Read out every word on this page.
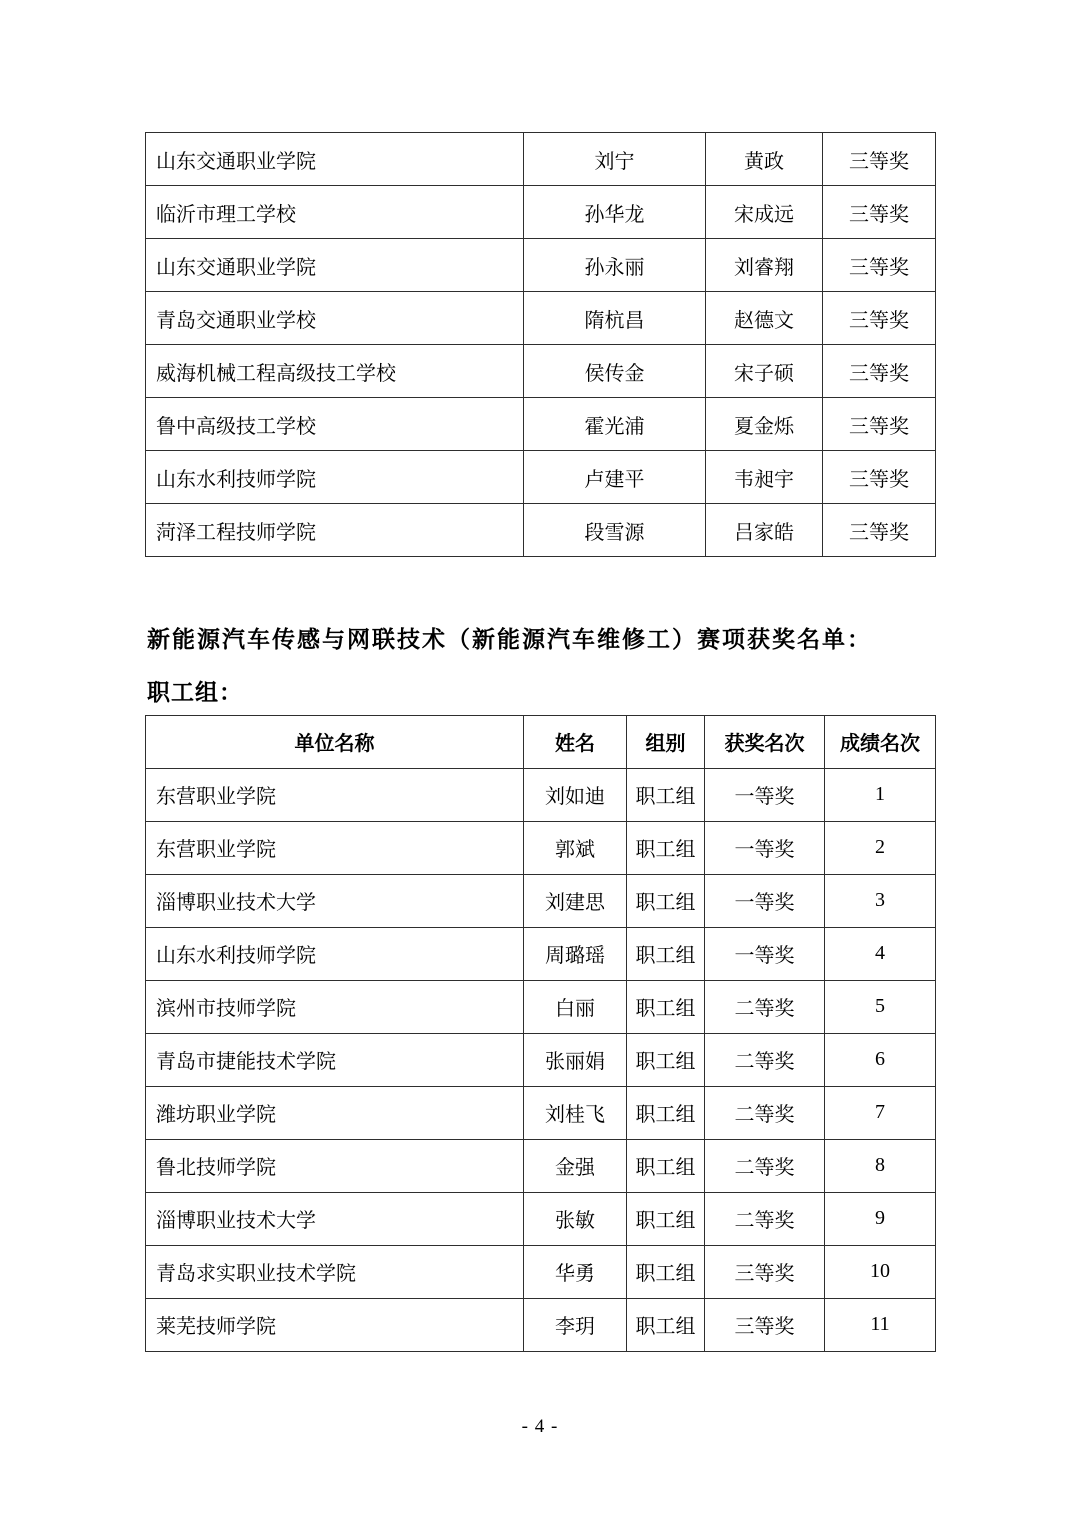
山东交通职业学院	刘宁	黄政	三等奖
临沂市理工学校	孙华龙	宋成远	三等奖
山东交通职业学院	孙永丽	刘睿翔	三等奖
青岛交通职业学校	隋杭昌	赵德文	三等奖
威海机械工程高级技工学校	侯传金	宋子硕	三等奖
鲁中高级技工学校	霍光浦	夏金烁	三等奖
山东水利技师学院	卢建平	韦昶宇	三等奖
菏泽工程技师学院	段雪源	吕家皓	三等奖
新能源汽车传感与网联技术（新能源汽车维修工）赛项获奖名单：
职工组：
单位名称	姓名	组别	获奖名次	成绩名次
东营职业学院	刘如迪	职工组	一等奖	1
东营职业学院	郭斌	职工组	一等奖	2
淄博职业技术大学	刘建思	职工组	一等奖	3
山东水利技师学院	周璐瑶	职工组	一等奖	4
滨州市技师学院	白丽	职工组	二等奖	5
青岛市捷能技术学院	张丽娟	职工组	二等奖	6
潍坊职业学院	刘桂飞	职工组	二等奖	7
鲁北技师学院	金强	职工组	二等奖	8
淄博职业技术大学	张敏	职工组	二等奖	9
青岛求实职业技术学院	华勇	职工组	三等奖	10
莱芜技师学院	李玥	职工组	三等奖	11
- 4 -
